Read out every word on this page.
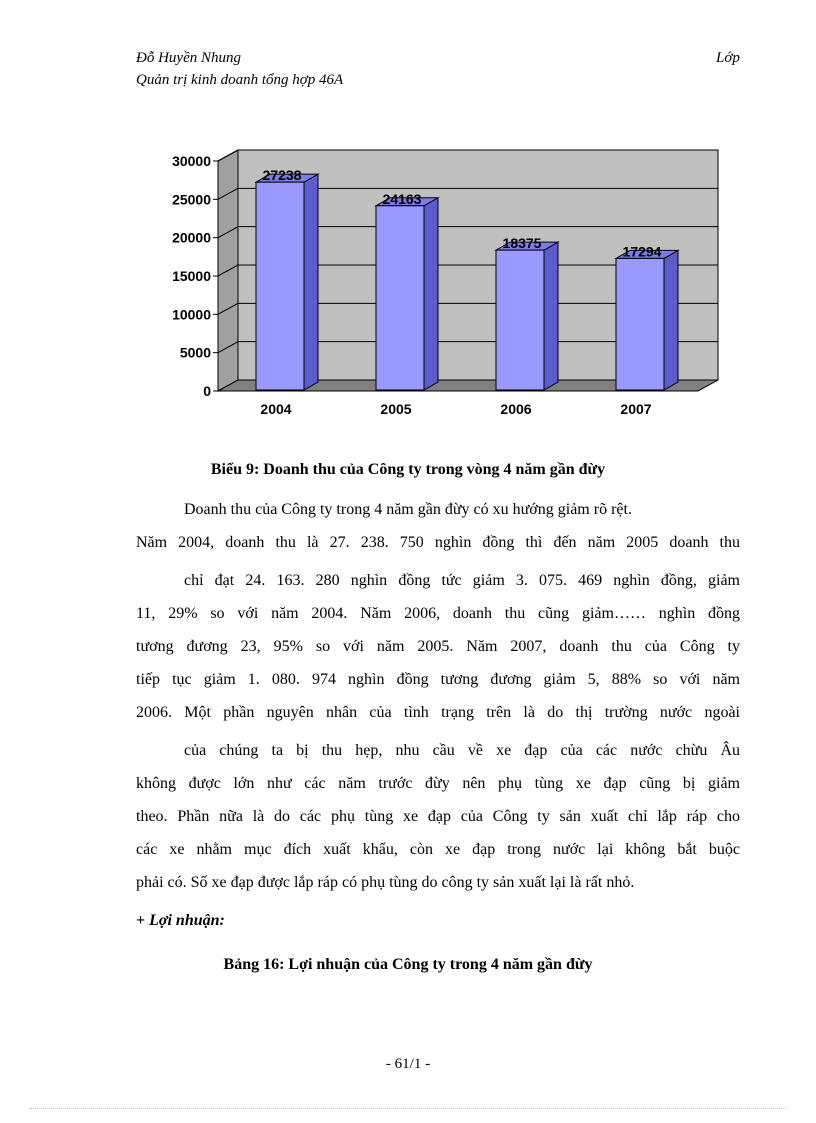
Đỗ Huyền Nhung
Quản trị kinh doanh tổng hợp 46A
Lớp
0
5000
10000
15000
20000
25000
30000
2004	2005	2006	2007
27238
24163
18375
17294
Biểu 9: Doanh thu của Công ty trong vòng 4 năm gần đừy
Doanh thu của Công ty trong 4 năm gần đừy có xu hướng giảm rõ rệt.
Năm 2004, doanh thu là 27. 238. 750 nghìn đồng thì đến năm 2005 doanh thu
chỉ đạt 24. 163. 280 nghìn đồng tức giảm 3. 075. 469 nghìn đồng, giảm
11, 29% so với năm 2004. Năm 2006, doanh thu cũng giảm…… nghìn đồng
tương đương 23, 95% so với năm 2005. Năm 2007, doanh thu của Công ty
tiếp tục giảm 1. 080. 974 nghìn đồng tương đương giảm 5, 88% so với năm
2006. Một phần nguyên nhân của tình trạng trên là do thị trường nước ngoài
của chúng ta bị thu hẹp, nhu cầu về xe đạp của các nước chừu Âu
không được lớn như các năm trước đừy nên phụ tùng xe đạp cũng bị giảm
theo. Phần nữa là do các phụ tùng xe đạp của Công ty sản xuất chỉ lắp ráp cho
các xe nhằm mục đích xuất khẩu, còn xe đạp trong nước lại không bắt buộc
phải có. Số xe đạp được lắp ráp có phụ tùng do công ty sản xuất lại là rất nhỏ.
+ Lợi nhuận:
Bảng 16: Lợi nhuận của Công ty trong 4 năm gần đừy
- 61/1 -
